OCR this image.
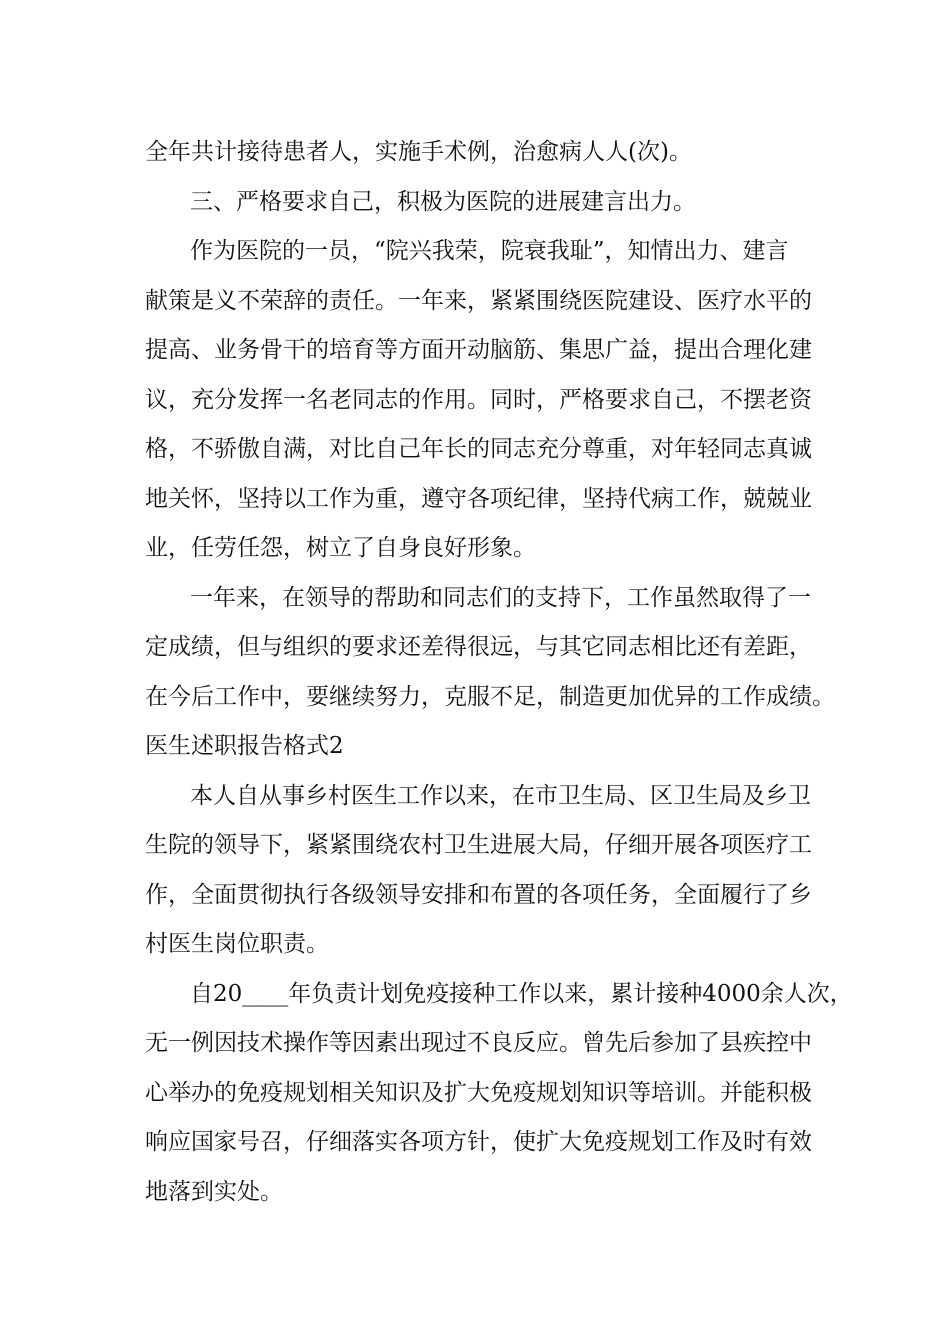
全年共计接待患者人，实施手术例，治愈病人人(次)。

三、严格要求自己，积极为医院的进展建言出力。

作为医院的一员，“院兴我荣，院衰我耻”，知情出力、建言

献策是义不荣辞的责任。一年来，紧紧围绕医院建设、医疗水平的

提高、业务骨干的培育等方面开动脑筋、集思广益，提出合理化建

议，充分发挥一名老同志的作用。同时，严格要求自己，不摆老资

格，不骄傲自满，对比自己年长的同志充分尊重，对年轻同志真诚

地关怀，坚持以工作为重，遵守各项纪律，坚持代病工作，兢兢业

业，任劳任怨，树立了自身良好形象。

一年来，在领导的帮助和同志们的支持下，工作虽然取得了一

定成绩，但与组织的要求还差得很远，与其它同志相比还有差距，

在今后工作中，要继续努力，克服不足，制造更加优异的工作成绩。

医生述职报告格式2

本人自从事乡村医生工作以来，在市卫生局、区卫生局及乡卫

生院的领导下，紧紧围绕农村卫生进展大局，仔细开展各项医疗工

作，全面贯彻执行各级领导安排和布置的各项任务，全面履行了乡

村医生岗位职责。

自20____年负责计划免疫接种工作以来，累计接种4000余人次，

无一例因技术操作等因素出现过不良反应。曾先后参加了县疾控中

心举办的免疫规划相关知识及扩大免疫规划知识等培训。并能积极

响应国家号召，仔细落实各项方针，使扩大免疫规划工作及时有效

地落到实处。
